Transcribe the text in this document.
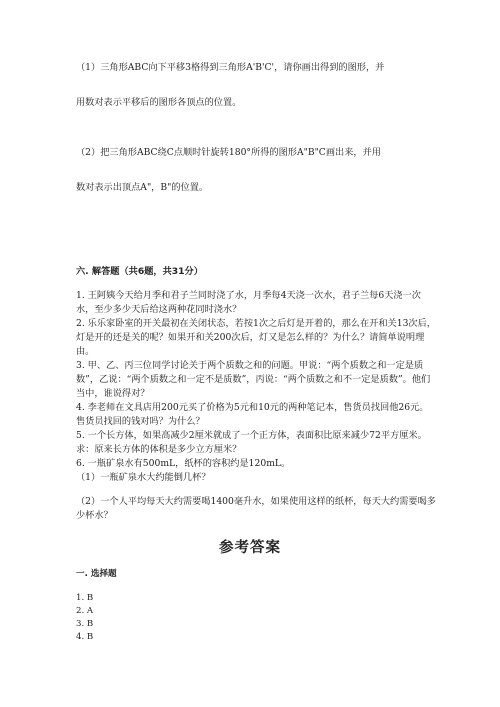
（1）三角形ABC向下平移3格得到三角形A'B'C'，请你画出得到的图形，并

用数对表示平移后的图形各顶点的位置。

（2）把三角形ABC绕C点顺时针旋转180°所得的图形A"B"C画出来，并用

数对表示出顶点A"，B"的位置。

六. 解答题（共6题，共31分）

1. 王阿姨今天给月季和君子兰同时浇了水，月季每4天浇一次水，君子兰每6天浇一次水，至少多少天后给这两种花同时浇水？

2. 乐乐家卧室的开关最初在关闭状态，若按1次之后灯是开着的，那么在开和关13次后，灯是开的还是关的呢？如果开和关200次后，灯又是怎么样的？为什么？请简单说明理由。

3. 甲、乙、丙三位同学讨论关于两个质数之和的问题。甲说：“两个质数之和一定是质数”，乙说：“两个质数之和一定不是质数”，丙说：“两个质数之和不一定是质数”。他们当中，谁说得对？

4. 李老师在文具店用200元买了价格为5元和10元的两种笔记本，售货员找回他26元。售货员找回的钱对吗？为什么？

5. 一个长方体，如果高减少2厘米就成了一个正方体，表面积比原来减少72平方厘米。求：原来长方体的体积是多少立方厘米？

6. 一瓶矿泉水有500mL，纸杯的容积约是120mL。

（1）一瓶矿泉水大约能倒几杯？
（2）一个人平均每天大约需要喝1400毫升水，如果使用这样的纸杯，每天大约需要喝多少杯水？
参考答案
一. 选择题

1. B

2. A

3. B

4. B
